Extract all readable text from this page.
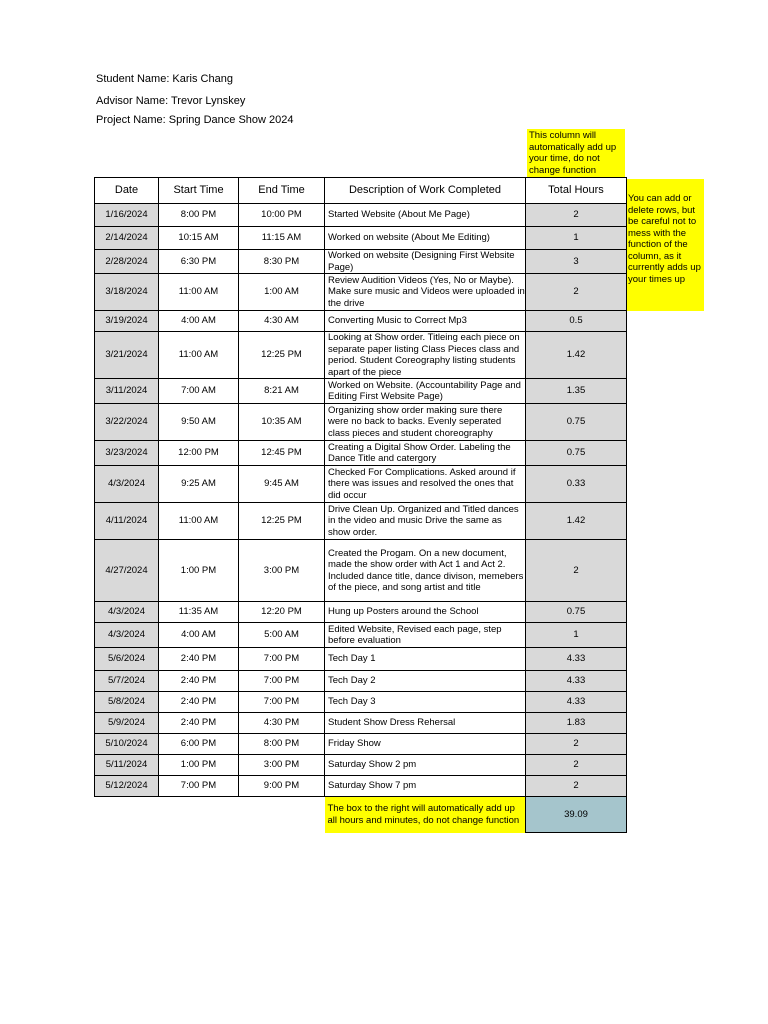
Student Name: Karis Chang
Advisor Name: Trevor Lynskey
Project Name: Spring Dance Show 2024
This column will automatically add up your time, do not change function
You can add or delete rows, but be careful not to mess with the function of the column, as it currently adds up your times up
Date	Start Time	End Time	Description of Work Completed	Total Hours
1/16/2024	8:00 PM	10:00 PM	Started Website (About Me Page)	2
2/14/2024	10:15 AM	11:15 AM	Worked on website (About Me Editing)	1
2/28/2024	6:30 PM	8:30 PM	Worked on website (Designing First Website Page)	3
3/18/2024	11:00 AM	1:00 AM	Review Audition Videos (Yes, No or Maybe). Make sure music and Videos were uploaded in the drive	2
3/19/2024	4:00 AM	4:30 AM	Converting Music to Correct Mp3	0.5
3/21/2024	11:00 AM	12:25 PM	Looking at Show order. Titleing each piece on separate paper listing Class Pieces class and period. Student Coreography listing students apart of the piece	1.42
3/11/2024	7:00 AM	8:21 AM	Worked on Website. (Accountability Page and Editing First Website Page)	1.35
3/22/2024	9:50 AM	10:35 AM	Organizing show order making sure there were no back to backs. Evenly seperated class pieces and student choreography	0.75
3/23/2024	12:00 PM	12:45 PM	Creating a Digital Show Order. Labeling the Dance Title and catergory	0.75
4/3/2024	9:25 AM	9:45 AM	Checked For Complications. Asked around if there was issues and resolved the ones that did occur	0.33
4/11/2024	11:00 AM	12:25 PM	Drive Clean Up. Organized and Titled dances in the video and music Drive the same as show order.	1.42
4/27/2024	1:00 PM	3:00 PM	Created the Progam. On a new document, made the show order with Act 1 and Act 2. Included dance title, dance divison, memebers of the piece, and song artist and title	2
4/3/2024	11:35 AM	12:20 PM	Hung up Posters around the School	0.75
4/3/2024	4:00 AM	5:00 AM	Edited Website, Revised each page, step before evaluation	1
5/6/2024	2:40 PM	7:00 PM	Tech Day 1	4.33
5/7/2024	2:40 PM	7:00 PM	Tech Day 2	4.33
5/8/2024	2:40 PM	7:00 PM	Tech Day 3	4.33
5/9/2024	2:40 PM	4:30 PM	Student Show Dress Rehersal	1.83
5/10/2024	6:00 PM	8:00 PM	Friday Show	2
5/11/2024	1:00 PM	3:00 PM	Saturday Show 2 pm	2
5/12/2024	7:00 PM	9:00 PM	Saturday Show 7 pm	2
			The box to the right will automatically add up all hours and minutes, do not change function	39.09
